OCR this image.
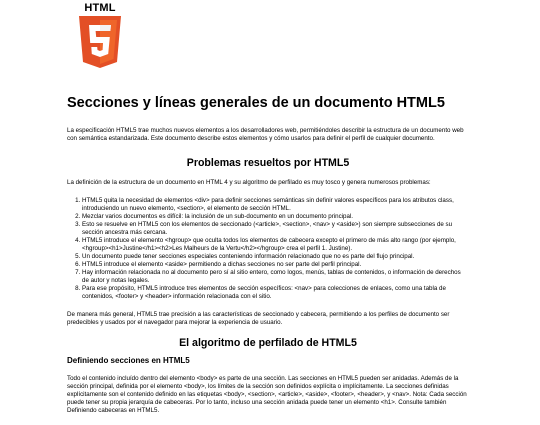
HTML
Secciones y líneas generales de un documento HTML5

La especificación HTML5 trae muchos nuevos elementos a los desarrolladores web, permitiéndoles describir la estructura de un documento web con semántica estandarizada. Este documento describe estos elementos y cómo usarlos para definir el perfil de cualquier documento.

Problemas resueltos por HTML5

La definición de la estructura de un documento en HTML 4 y su algoritmo de perfilado es muy tosco y genera numerosos problemas:

1. HTML5 quita la necesidad de elementos <div> para definir secciones semánticas sin definir valores específicos para los atributos class, introduciendo un nuevo elemento, <section>, el elemento de sección HTML.
2. Mezclar varios documentos es difícil: la inclusión de un sub-documento en un documento principal.
3. Esto se resuelve en HTML5 con los elementos de seccionado (<article>, <section>, <nav> y <aside>) son siempre subsecciones de su sección ancestra más cercana.
4. HTML5 introduce el elemento <hgroup> que oculta todos los elementos de cabecera excepto el primero de más alto rango (por ejemplo, <hgroup><h1>Justine</h1><h2>Les Malheurs de la Vertu</h2></hgroup> crea el perfil 1. Justine).
5. Un documento puede tener secciones especiales conteniendo información relacionado que no es parte del flujo principal.
6. HTML5 introduce el elemento <aside> permitiendo a dichas secciones no ser parte del perfil principal.
7. Hay información relacionada no al documento pero sí al sitio entero, como logos, menús, tablas de contenidos, o información de derechos de autor y notas legales.
8. Para ese propósito, HTML5 introduce tres elementos de sección específicos: <nav> para colecciones de enlaces, como una tabla de contenidos, <footer> y <header> información relacionada con el sitio.

De manera más general, HTML5 trae precisión a las características de seccionado y cabecera, permitiendo a los perfiles de documento ser predecibles y usados por el navegador para mejorar la experiencia de usuario.

El algoritmo de perfilado de HTML5
Definiendo secciones en HTML5

Todo el contenido incluído dentro del elemento <body> es parte de una sección. Las secciones en HTML5 pueden ser anidadas. Además de la sección principal, definida por el elemento <body>, los límites de la sección son definidos explícita o implícitamente. La secciones definidas explícitamente son el contenido definido en las etiquetas <body>, <section>, <article>, <aside>, <footer>, <header>, y <nav>. Nota: Cada sección puede tener su propia jerarquía de cabeceras. Por lo tanto, incluso una sección anidada puede tener un elemento <h1>. Consulte también Definiendo cabeceras en HTML5.
